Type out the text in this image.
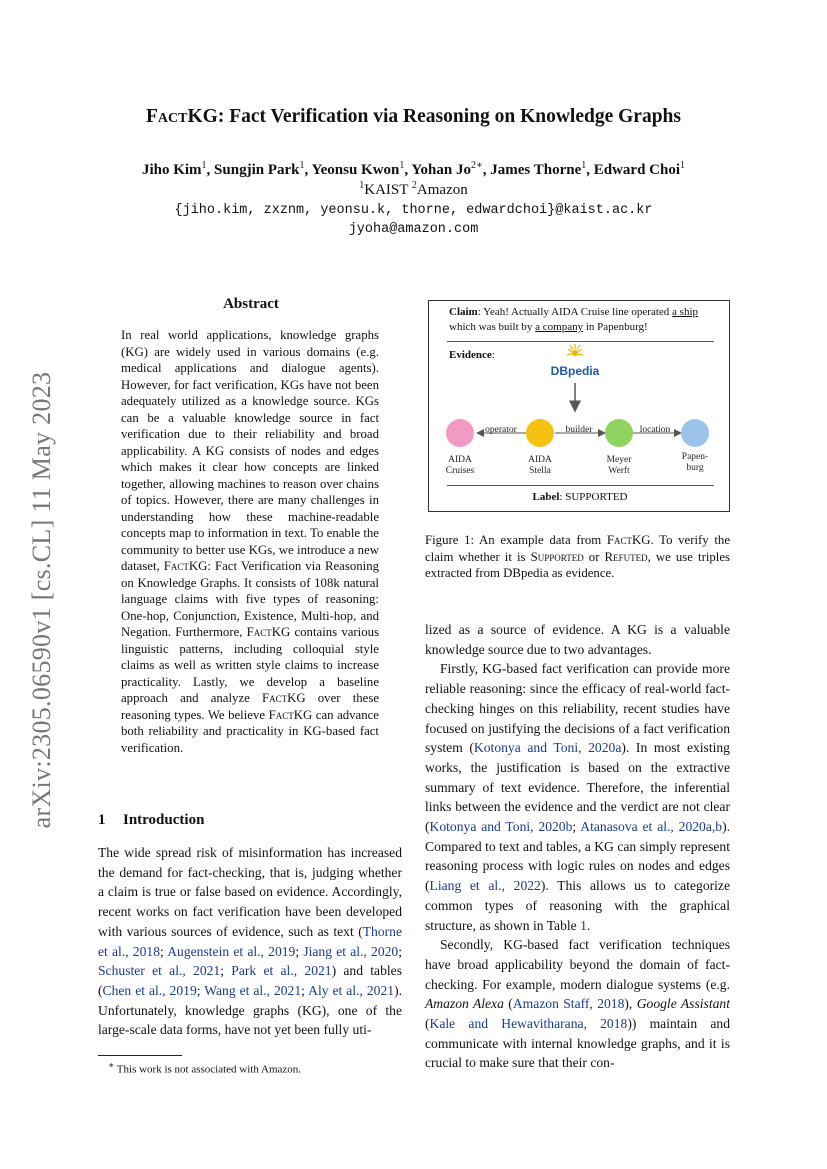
arXiv:2305.06590v1 [cs.CL] 11 May 2023
FactKG: Fact Verification via Reasoning on Knowledge Graphs
Jiho Kim$^1$, Sungjin Park$^1$, Yeonsu Kwon$^1$, Yohan $Jo^{2∗}$, James Thorne$^1$, Edward Choi$^1$
$^1$KAIST $^2$Amazon
{jiho.kim, zxznm, yeonsu.k, thorne, edwardchoi}@kaist.ac.kr
jyoha@amazon.com
Abstract
In real world applications, knowledge graphs (KG) are widely used in various domains (e.g. medical applications and dialogue agents). However, for fact verification, KGs have not been adequately utilized as a knowledge source. KGs can be a valuable knowledge source in fact verification due to their reliability and broad applicability. A KG consists of nodes and edges which makes it clear how concepts are linked together, allowing machines to reason over chains of topics. However, there are many challenges in understanding how these machine-readable concepts map to information in text. To enable the community to better use KGs, we introduce a new dataset, FactKG: Fact Verification via Reasoning on Knowledge Graphs. It consists of 108k natural language claims with five types of reasoning: One-hop, Conjunction, Existence, Multi-hop, and Negation. Furthermore, FactKG contains various linguistic patterns, including colloquial style claims as well as written style claims to increase practicality. Lastly, we develop a baseline approach and analyze FactKG over these reasoning types. We believe FactKG can advance both reliability and practicality in KG-based fact verification.
1 Introduction
The wide spread risk of misinformation has increased the demand for fact-checking, that is, judging whether a claim is true or false based on evidence. Accordingly, recent works on fact verification have been developed with various sources of evidence, such as text (Thorne et al., 2018; Augenstein et al., 2019; Jiang et al., 2020; Schuster et al., 2021; Park et al., 2021) and tables (Chen et al., 2019; Wang et al., 2021; Aly et al., 2021). Unfortunately, knowledge graphs (KG), one of the large-scale data forms, have not yet been fully uti-
∗ This work is not associated with Amazon.
Claim: Yeah! Actually AIDA Cruise line operated a ship which was built by a company in Papenburg!
Evidence:
DBpedia
operator	builder	location
AIDA
Cruises
AIDA
Stella
Meyer
Werft
Papen-
burg
Label: SUPPORTED
Figure 1: An example data from FactKG. To verify the claim whether it is Supported or Refuted, we use triples extracted from DBpedia as evidence.

lized as a source of evidence. A KG is a valuable knowledge source due to two advantages.

Firstly, KG-based fact verification can provide more reliable reasoning: since the efficacy of real-world fact-checking hinges on this reliability, recent studies have focused on justifying the decisions of a fact verification system (Kotonya and Toni, 2020a). In most existing works, the justification is based on the extractive summary of text evidence. Therefore, the inferential links between the evidence and the verdict are not clear (Kotonya and Toni, 2020b; Atanasova et al., 2020a,b). Compared to text and tables, a KG can simply represent reasoning process with logic rules on nodes and edges (Liang et al., 2022). This allows us to categorize common types of reasoning with the graphical structure, as shown in Table 1.

Secondly, KG-based fact verification techniques have broad applicability beyond the domain of fact-checking. For example, modern dialogue systems (e.g. Amazon Alexa (Amazon Staff, 2018), Google Assistant (Kale and Hewavitharana, 2018)) maintain and communicate with internal knowledge graphs, and it is crucial to make sure that their con-
